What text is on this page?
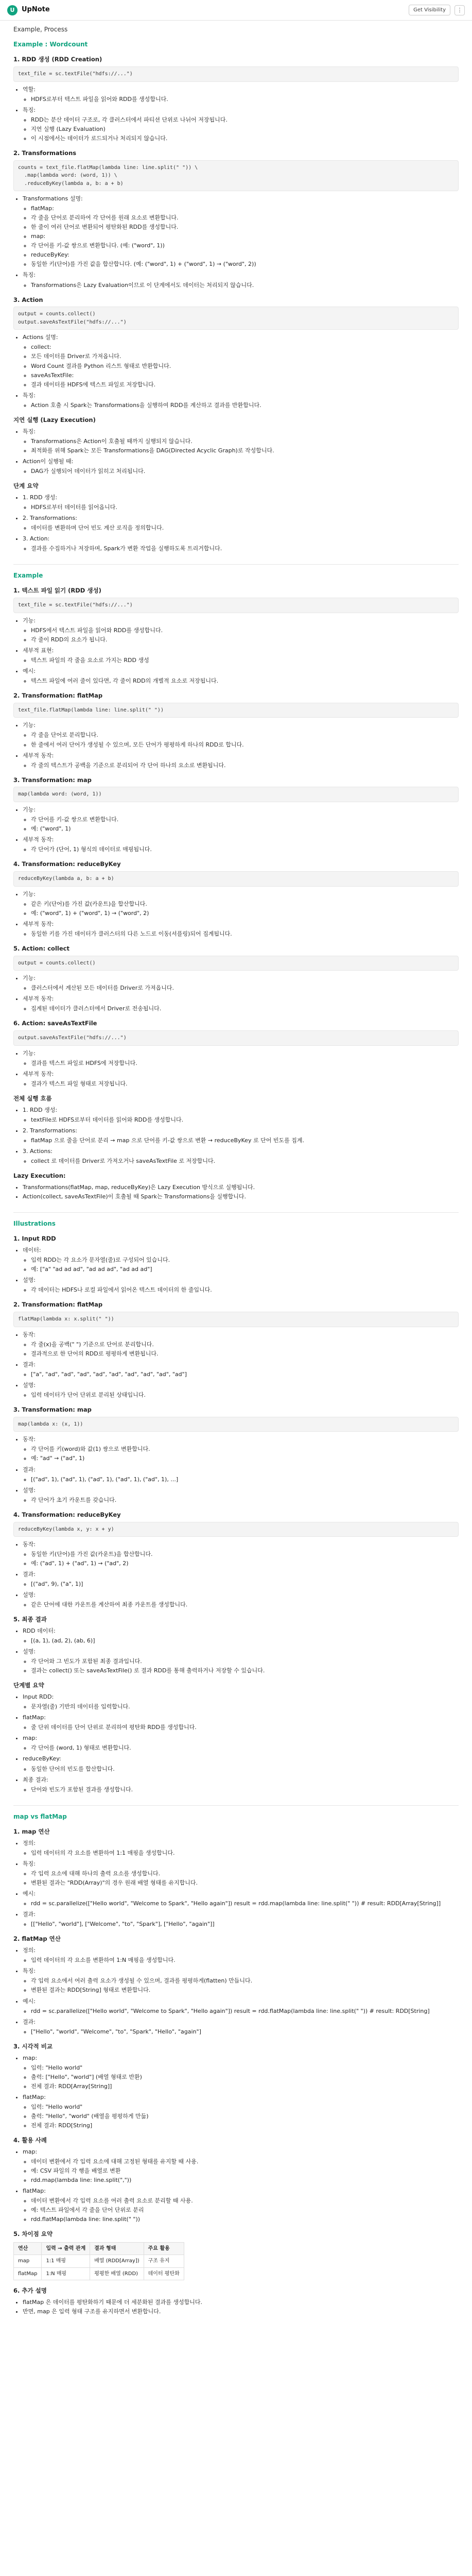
U	UpNote	Get Visibility	⋮
Example, Process
Example : Wordcount
1. RDD 생성 (RDD Creation)
text_file = sc.textFile("hdfs://...")
• 역할:
◦ HDFS로부터 텍스트 파일을 읽어와 RDD를 생성합니다.
• 특징:
◦ RDD는 분산 데이터 구조로, 각 클러스터에서 파티션 단위로 나뉘어 저장됩니다.
◦ 지연 실행 (Lazy Evaluation)
◦ 이 시점에서는 데이터가 로드되거나 처리되지 않습니다.
2. Transformations
counts = text_file.flatMap(lambda line: line.split(" ")) \
.map(lambda word: (word, 1)) \
.reduceByKey(lambda a, b: a + b)
• Transformations 설명:
◦ flatMap:
◦ 각 줄을 단어로 분리하여 각 단어를 원래 요소로 변환합니다.
◦ 한 줄이 여러 단어로 변환되어 평탄화된 RDD를 생성합니다.
◦ map:
◦ 각 단어를 키-값 쌍으로 변환합니다. (예: ("word", 1))
◦ reduceByKey:
◦ 동일한 키(단어)를 가진 값을 합산합니다. (예: ("word", 1) + ("word", 1) → ("word", 2))
• 특징:
◦ Transformations은 Lazy Evaluation이므로 이 단계에서도 데이터는 처리되지 않습니다.
3. Action
output = counts.collect()
output.saveAsTextFile("hdfs://...")
• Actions 설명:
◦ collect:
◦ 모든 데이터를 Driver로 가져옵니다.
◦ Word Count 결과를 Python 리스트 형태로 반환합니다.
◦ saveAsTextFile:
◦ 결과 데이터를 HDFS에 텍스트 파일로 저장합니다.
• 특징:
◦ Action 호출 시 Spark는 Transformations을 실행하여 RDD를 계산하고 결과를 반환합니다.
지연 실행 (Lazy Execution)
• 특징:
◦ Transformations은 Action이 호출될 때까지 실행되지 않습니다.
◦ 최적화를 위해 Spark는 모든 Transformations을 DAG(Directed Acyclic Graph)로 작성합니다.
• Action이 실행될 때:
◦ DAG가 실행되어 데이터가 읽히고 처리됩니다.
단계 요약
• 1. RDD 생성:
◦ HDFS로부터 데이터를 읽어옵니다.
• 2. Transformations:
◦ 데이터를 변환하며 단어 빈도 계산 로직을 정의합니다.
• 3. Action:
◦ 결과를 수집하거나 저장하며, Spark가 변환 작업을 실행하도록 트리거합니다.
Example
1. 텍스트 파일 읽기 (RDD 생성)
text_file = sc.textFile("hdfs://...")
• 기능:
◦ HDFS에서 텍스트 파일을 읽어와 RDD를 생성합니다.
◦ 각 줄이 RDD의 요소가 됩니다.
• 세부적 표현:
◦ 텍스트 파일의 각 줄을 요소로 가지는 RDD 생성
• 예시:
◦ 텍스트 파일에 여러 줄이 있다면, 각 줄이 RDD의 개별적 요소로 저장됩니다.
2. Transformation: flatMap
text_file.flatMap(lambda line: line.split(" "))
• 기능:
◦ 각 줄을 단어로 분리합니다.
◦ 한 줄에서 여러 단어가 생성될 수 있으며, 모든 단어가 평평하게 하나의 RDD로 합니다.
• 세부적 동작:
◦ 각 줄의 텍스트가 공백을 기준으로 분리되어 각 단어 하나의 요소로 변환됩니다.
3. Transformation: map
map(lambda word: (word, 1))
• 기능:
◦ 각 단어를 키-값 쌍으로 변환합니다.
◦ 예: ("word", 1)
• 세부적 동작:
◦ 각 단어가 (단어, 1) 형식의 데이터로 매핑됩니다.
4. Transformation: reduceByKey
reduceByKey(lambda a, b: a + b)
• 기능:
◦ 같은 키(단어)를 가진 값(카운트)을 합산합니다.
◦ 예: ("word", 1) + ("word", 1) → ("word", 2)
• 세부적 동작:
◦ 동일한 키를 가진 데이터가 클러스터의 다른 노드로 이동(셔플링)되어 집계됩니다.
5. Action: collect
output = counts.collect()
• 기능:
◦ 클러스터에서 계산된 모든 데이터를 Driver로 가져옵니다.
• 세부적 동작:
◦ 집계된 데이터가 클러스터에서 Driver로 전송됩니다.
6. Action: saveAsTextFile
output.saveAsTextFile("hdfs://...")
• 기능:
◦ 결과를 텍스트 파일로 HDFS에 저장합니다.
• 세부적 동작:
◦ 결과가 텍스트 파일 형태로 저장됩니다.
전체 실행 흐름
• 1. RDD 생성:
◦ textFile로 HDFS로부터 데이터를 읽어와 RDD를 생성합니다.
• 2. Transformations:
◦ flatMap 으로 줄을 단어로 분리 → map 으로 단어를 키-값 쌍으로 변환 → reduceByKey 로 단어 빈도를 집계.
• 3. Actions:
◦ collect 로 데이터를 Driver로 가져오거나 saveAsTextFile 로 저장합니다.
Lazy Execution:
• Transformations(flatMap, map, reduceByKey)은 Lazy Execution 방식으로 실행됩니다.
• Action(collect, saveAsTextFile)이 호출될 때 Spark는 Transformations을 실행합니다.
Illustrations
1. Input RDD
• 데이터:
◦ 입력 RDD는 각 요소가 문자열(줄)로 구성되어 있습니다.
◦ 예: ["a" "ad ad ad", "ad ad ad", "ad ad ad"]
• 설명:
◦ 각 데이터는 HDFS나 로컬 파일에서 읽어온 텍스트 데이터의 한 줄입니다.
2. Transformation: flatMap
flatMap(lambda x: x.split(" "))
• 동작:
◦ 각 줄(x)을 공백(" ") 기준으로 단어로 분리합니다.
◦ 결과적으로 한 단어의 RDD로 평평하게 변환됩니다.
• 결과:
◦ ["a", "ad", "ad", "ad", "ad", "ad", "ad", "ad", "ad", "ad"]
• 설명:
◦ 입력 데이터가 단어 단위로 분리된 상태입니다.
3. Transformation: map
map(lambda x: (x, 1))
• 동작:
◦ 각 단어를 키(word)와 값(1) 쌍으로 변환합니다.
◦ 예: "ad" → ("ad", 1)
• 결과:
◦ [("ad", 1), ("ad", 1), ("ad", 1), ("ad", 1), ("ad", 1), ...]
• 설명:
◦ 각 단어가 초기 카운트를 갖습니다.
4. Transformation: reduceByKey
reduceByKey(lambda x, y: x + y)
• 동작:
◦ 동일한 키(단어)를 가진 값(카운트)을 합산합니다.
◦ 예: ("ad", 1) + ("ad", 1) → ("ad", 2)
• 결과:
◦ [("ad", 9), ("a", 1)]
• 설명:
◦ 같은 단어에 대한 카운트를 계산하여 최종 카운트를 생성합니다.
5. 최종 결과
• RDD 데이터:
◦ [(a, 1), (ad, 2), (ab, 6)]
• 설명:
◦ 각 단어와 그 빈도가 포함된 최종 결과입니다.
◦ 결과는 collect() 또는 saveAsTextFile() 로 결과 RDD를 통해 출력하거나 저장할 수 있습니다.
단계별 요약
• Input RDD:
◦ 문자열(줄) 기반의 데이터를 입력합니다.
• flatMap:
◦ 줄 단위 데이터를 단어 단위로 분리하여 평탄화 RDD를 생성합니다.
• map:
◦ 각 단어를 (word, 1) 형태로 변환합니다.
• reduceByKey:
◦ 동일한 단어의 빈도를 합산합니다.
• 최종 결과:
◦ 단어와 빈도가 포함된 결과를 생성합니다.
map vs flatMap
1. map 연산
• 정의:
◦ 입력 데이터의 각 요소를 변환하여 1:1 매핑을 생성합니다.
• 특징:
◦ 각 입력 요소에 대해 하나의 출력 요소를 생성합니다.
◦ 변환된 결과는 "RDD(Array)"의 경우 원래 배열 형태를 유지합니다.
• 예시:
◦ rdd = sc.parallelize(["Hello world", "Welcome to Spark", "Hello again"]) result = rdd.map(lambda line: line.split(" ")) # result: RDD[Array[String]]
• 결과:
◦ [["Hello", "world"], ["Welcome", "to", "Spark"], ["Hello", "again"]]
2. flatMap 연산
• 정의:
◦ 입력 데이터의 각 요소를 변환하여 1:N 매핑을 생성합니다.
• 특징:
◦ 각 입력 요소에서 여러 출력 요소가 생성될 수 있으며, 결과를 평평하게(flatten) 만듭니다.
◦ 변환된 결과는 RDD[String] 형태로 변환합니다.
• 예시:
◦ rdd = sc.parallelize(["Hello world", "Welcome to Spark", "Hello again"]) result = rdd.flatMap(lambda line: line.split(" ")) # result: RDD[String]
• 결과:
◦ ["Hello", "world", "Welcome", "to", "Spark", "Hello", "again"]
3. 시각적 비교
• map:
◦ 입력: "Hello world"
◦ 출력: ["Hello", "world"] (배열 형태로 반환)
◦ 전체 결과: RDD[Array[String]]
• flatMap:
◦ 입력: "Hello world"
◦ 출력: "Hello", "world" (배열을 평평하게 만듦)
◦ 전체 결과: RDD[String]
4. 활용 사례
• map:
◦ 데이터 변환에서 각 입력 요소에 대해 고정된 형태를 유지할 때 사용.
◦ 예: CSV 파일의 각 행을 배열로 변환
◦ rdd.map(lambda line: line.split(","))
• flatMap:
◦ 데이터 변환에서 각 입력 요소를 여러 출력 요소로 분리할 때 사용.
◦ 예: 텍스트 파일에서 각 줄을 단어 단위로 분리
◦ rdd.flatMap(lambda line: line.split(" "))
5. 차이점 요약
연산	입력 → 출력 관계	결과 형태	주요 활용
map	1:1 매핑	배열 (RDD[Array])	구조 유지
flatMap	1:N 매핑	평평한 배열 (RDD)	데이터 평탄화
6. 추가 설명
• flatMap 은 데이터를 평탄화하기 때문에 더 세분화된 결과를 생성합니다.
• 반면, map 은 입력 형태 구조를 유지하면서 변환합니다.
